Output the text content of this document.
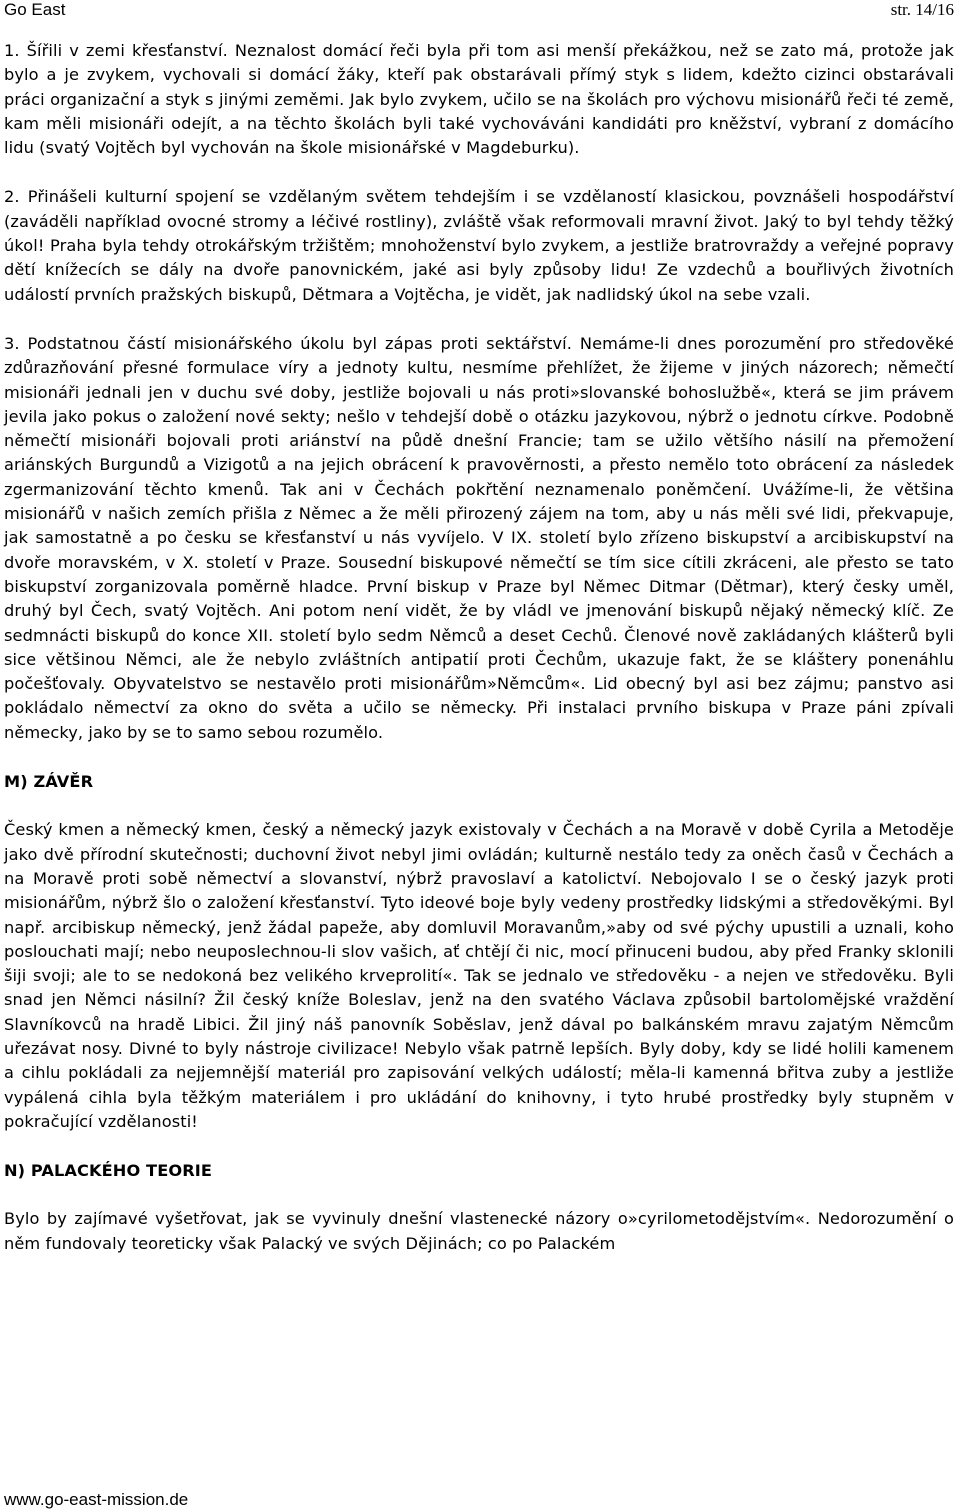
Go East	str. 14/16

1. Šířili v zemi křesťanství. Neznalost domácí řeči byla při tom asi menší překážkou, než se zato má, protože jak bylo a je zvykem, vychovali si domácí žáky, kteří pak obstarávali přímý styk s lidem, kdežto cizinci obstarávali práci organizační a styk s jinými zeměmi. Jak bylo zvykem, učilo se na školách pro výchovu misionářů řeči té země, kam měli misionáři odejít, a na těchto školách byli také vychováváni kandidáti pro kněžství, vybraní z domácího lidu (svatý Vojtěch byl vychován na škole misionářské v Magdeburku).

2. Přinášeli kulturní spojení se vzdělaným světem tehdejším i se vzdělaností klasickou, povznášeli hospodářství (zaváděli například ovocné stromy a léčivé rostliny), zvláště však reformovali mravní život. Jaký to byl tehdy těžký úkol! Praha byla tehdy otrokářským tržištěm; mnohoženství bylo zvykem, a jestliže bratrovraždy a veřejné popravy dětí knížecích se dály na dvoře panovnickém, jaké asi byly způsoby lidu! Ze vzdechů a bouřlivých životních událostí prvních pražských biskupů, Dětmara a Vojtěcha, je vidět, jak nadlidský úkol na sebe vzali.

3. Podstatnou částí misionářského úkolu byl zápas proti sektářství. Nemáme-li dnes porozumění pro středověké zdůrazňování přesné formulace víry a jednoty kultu, nesmíme přehlížet, že žijeme v jiných názorech; němečtí misionáři jednali jen v duchu své doby, jestliže bojovali u nás proti»slovanské bohoslužbě«, která se jim právem jevila jako pokus o založení nové sekty; nešlo v tehdejší době o otázku jazykovou, nýbrž o jednotu církve. Podobně němečtí misionáři bojovali proti ariánství na půdě dnešní Francie; tam se užilo většího násilí na přemožení ariánských Burgundů a Vizigotů a na jejich obrácení k pravověrnosti, a přesto nemělo toto obrácení za následek zgermanizování těchto kmenů. Tak ani v Čechách pokřtění neznamenalo poněmčení. Uvážíme-li, že většina misionářů v našich zemích přišla z Němec a že měli přirozený zájem na tom, aby u nás měli své lidi, překvapuje, jak samostatně a po česku se křesťanství u nás vyvíjelo. V IX. století bylo zřízeno biskupství a arcibiskupství na dvoře moravském, v X. století v Praze. Sousední biskupové němečtí se tím sice cítili zkráceni, ale přesto se tato biskupství zorganizovala poměrně hladce. První biskup v Praze byl Němec Ditmar (Dětmar), který česky uměl, druhý byl Čech, svatý Vojtěch. Ani potom není vidět, že by vládl ve jmenování biskupů nějaký německý klíč. Ze sedmnácti biskupů do konce XII. století bylo sedm Němců a deset Cechů. Členové nově zakládaných klášterů byli sice většinou Němci, ale že nebylo zvláštních antipatií proti Čechům, ukazuje fakt, že se kláštery ponenáhlu počešťovaly. Obyvatelstvo se nestavělo proti misionářům»Němcům«. Lid obecný byl asi bez zájmu; panstvo asi pokládalo němectví za okno do světa a učilo se německy. Při instalaci prvního biskupa v Praze páni zpívali německy, jako by se to samo sebou rozumělo.

M) ZÁVĚR

Český kmen a německý kmen, český a německý jazyk existovaly v Čechách a na Moravě v době Cyrila a Metoděje jako dvě přírodní skutečnosti; duchovní život nebyl jimi ovládán; kulturně nestálo tedy za oněch časů v Čechách a na Moravě proti sobě němectví a slovanství, nýbrž pravoslaví a katolictví. Nebojovalo I se o český jazyk proti misionářům, nýbrž šlo o založení křesťanství. Tyto ideové boje byly vedeny prostředky lidskými a středověkými. Byl např. arcibiskup německý, jenž žádal papeže, aby domluvil Moravanům,»aby od své pýchy upustili a uznali, koho poslouchati mají; nebo neuposlechnou-li slov vašich, ať chtějí či nic, mocí přinuceni budou, aby před Franky sklonili šiji svoji; ale to se nedokoná bez velikého krveprolití«. Tak se jednalo ve středověku - a nejen ve středověku. Byli snad jen Němci násilní? Žil český kníže Boleslav, jenž na den svatého Václava způsobil bartolomějské vraždění Slavníkovců na hradě Libici. Žil jiný náš panovník Soběslav, jenž dával po balkánském mravu zajatým Němcům uřezávat nosy. Divné to byly nástroje civilizace! Nebylo však patrně lepších. Byly doby, kdy se lidé holili kamenem a cihlu pokládali za nejjemnější materiál pro zapisování velkých událostí; měla-li kamenná břitva zuby a jestliže vypálená cihla byla těžkým materiálem i pro ukládání do knihovny, i tyto hrubé prostředky byly stupněm v pokračující vzdělanosti!

N) PALACKÉHO TEORIE

Bylo by zajímavé vyšetřovat, jak se vyvinuly dnešní vlastenecké názory o»cyrilometodějstvím«. Nedorozumění o něm fundovaly teoreticky však Palacký ve svých Dějinách; co po Palackém

www.go-east-mission.de
